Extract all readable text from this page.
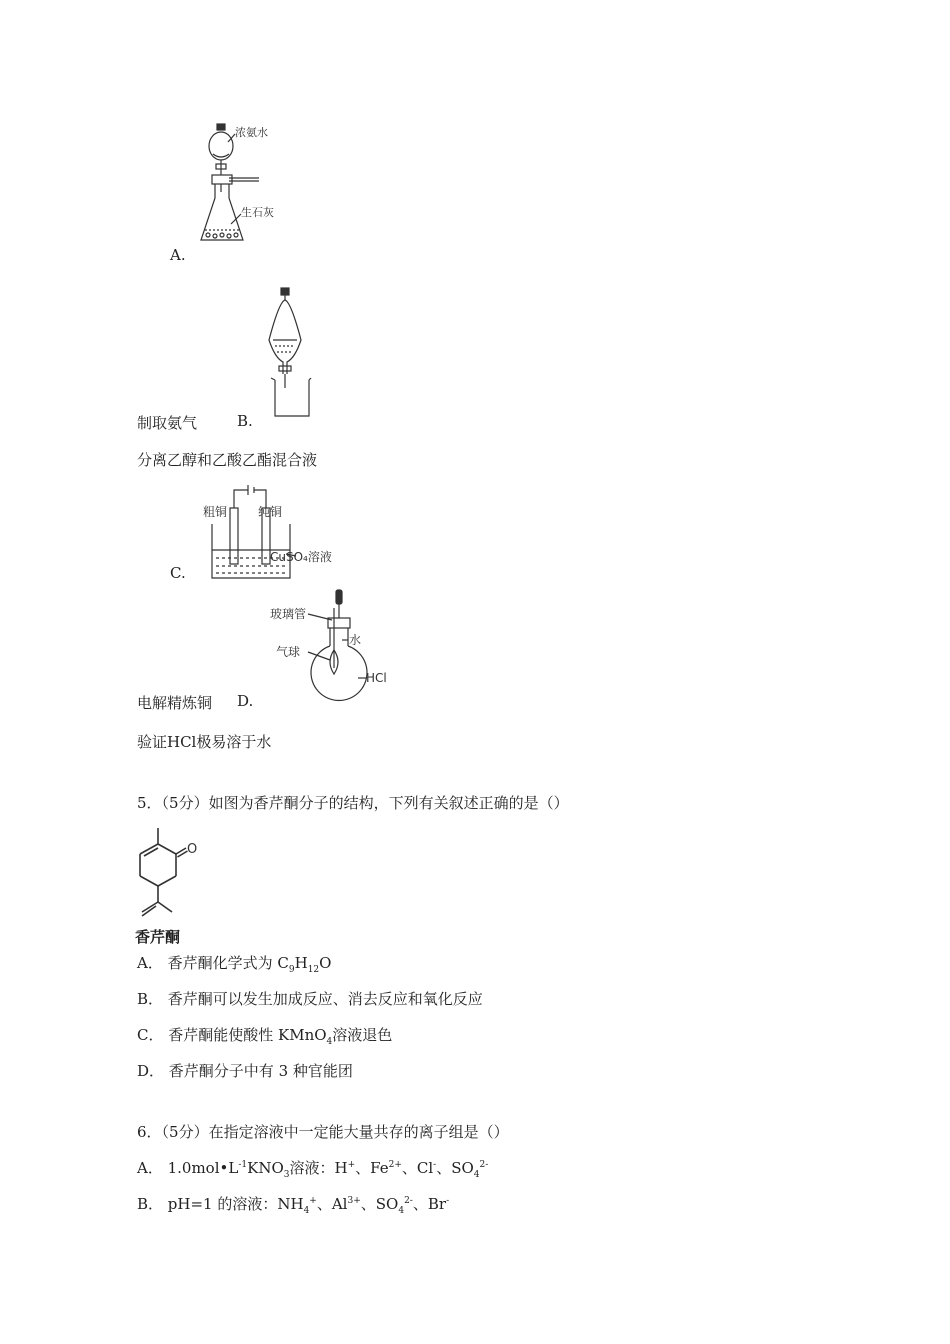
浓氨水
生石灰
A.
制取氨气	B.
分离乙醇和乙酸乙酯混合液
粗铜	纯铜
CuSO₄溶液
C.
玻璃管
水
气球
HCl
电解精炼铜 D.
验证HCl极易溶于水
5．（5分）如图为香芹酮分子的结构，下列有关叙述正确的是（）
O
香芹酮
A． 香芹酮化学式为 $C_9H_{12}O$
B． 香芹酮可以发生加成反应、消去反应和氧化反应
C． 香芹酮能使酸性 KMnO$_4$溶液退色
D． 香芹酮分子中有 3 种官能团
6．（5分）在指定溶液中一定能大量共存的离子组是（）
A． $1.0mol•L^{-1}KNO_3$溶液：H+、$Fe^{2+}$、Cl-、$SO_4^{2-}$
B． pH=1 的溶液：$NH_4^+$、$Al^{3+}$、$SO_4^{2-}$、Br-
